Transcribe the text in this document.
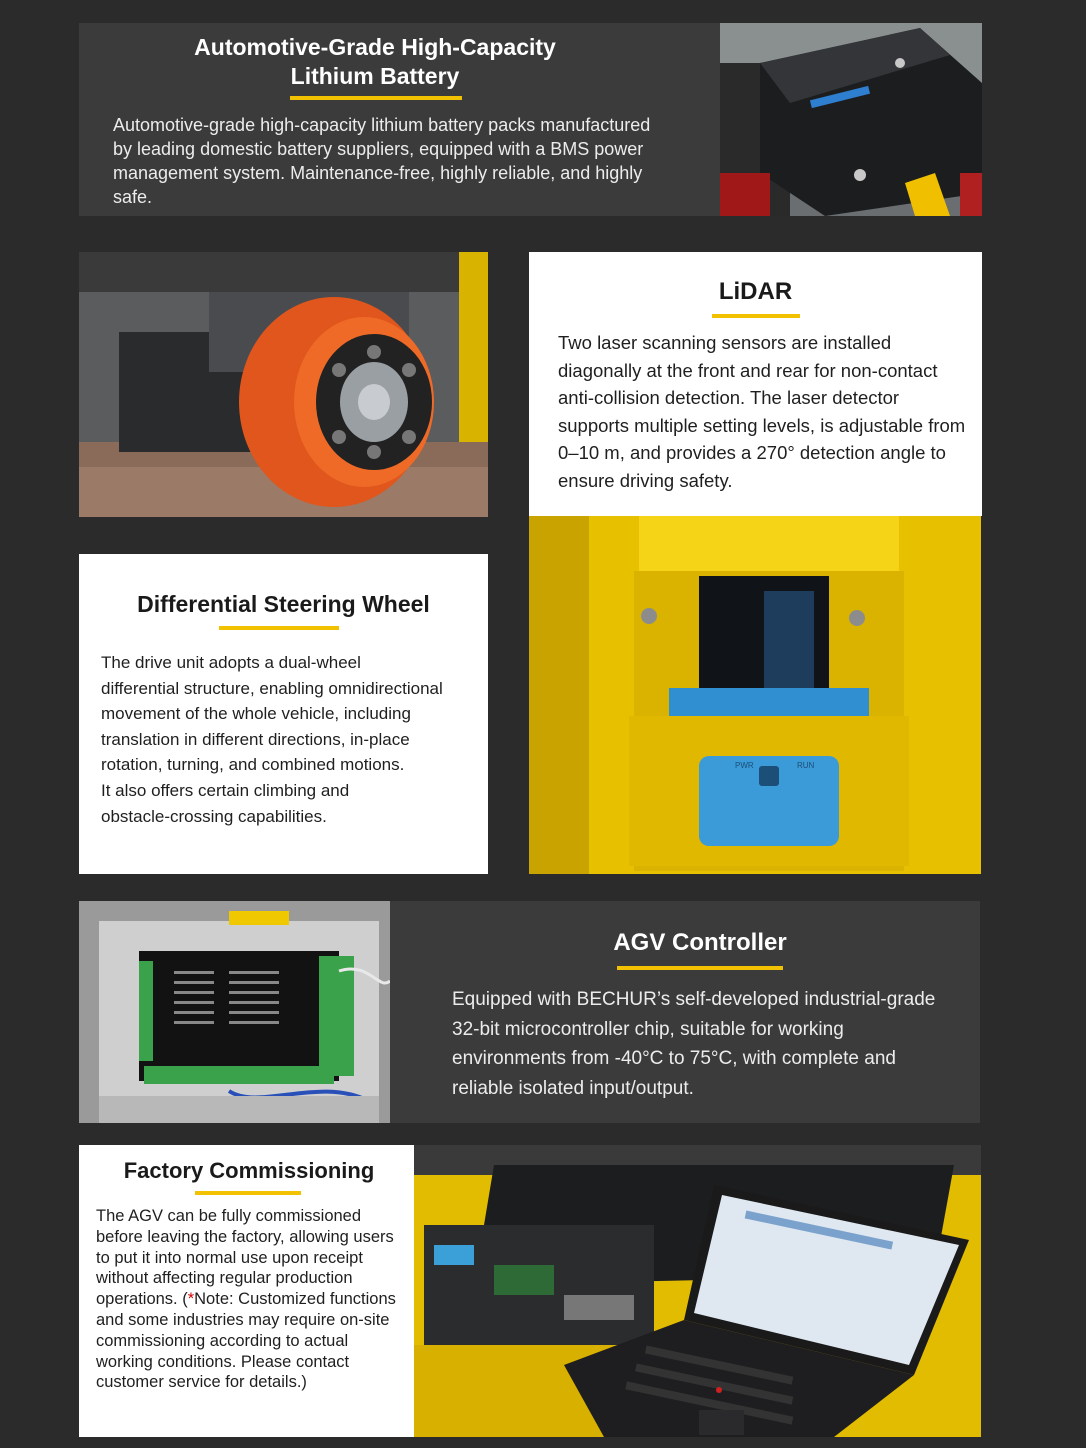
Automotive-Grade High-Capacity
Lithium Battery
Automotive-grade high-capacity lithium battery packs manufactured by leading domestic battery suppliers, equipped with a BMS power management system. Maintenance-free, highly reliable, and highly safe.
LiDAR
Two laser scanning sensors are installed diagonally at the front and rear for non-contact anti-collision detection. The laser detector supports multiple setting levels, is adjustable from 0–10 m, and provides a 270° detection angle to ensure driving safety.
PWR	RUN
Differential Steering Wheel
The drive unit adopts a dual-wheel
differential structure, enabling omnidirectional
movement of the whole vehicle, including
translation in different directions, in-place
rotation, turning, and combined motions.
It also offers certain climbing and
obstacle-crossing capabilities.
AGV Controller
Equipped with BECHUR’s self-developed industrial-grade 32-bit microcontroller chip, suitable for working environments from -40°C to 75°C, with complete and reliable isolated input/output.
Factory Commissioning
The AGV can be fully commissioned before leaving the factory, allowing users to put it into normal use upon receipt without affecting regular production operations. (*Note: Customized functions and some industries may require on-site commissioning according to actual working conditions. Please contact customer service for details.)
